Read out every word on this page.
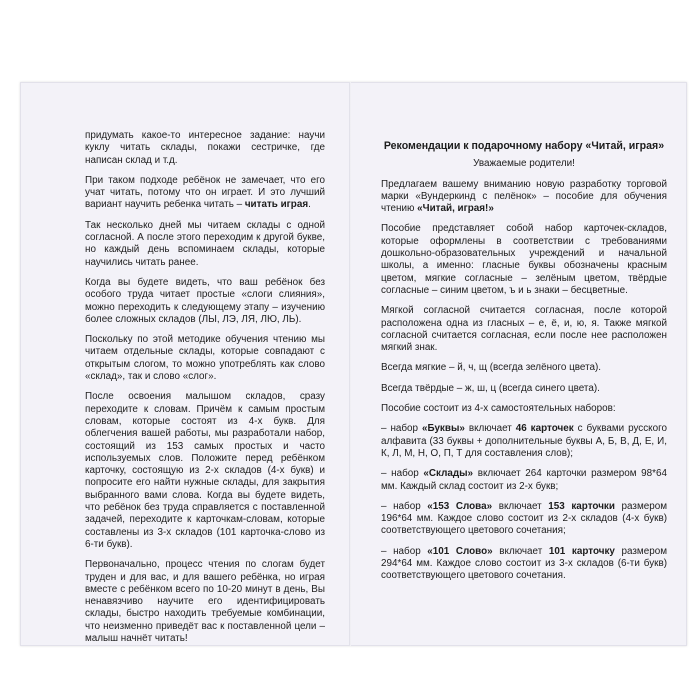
придумать какое-то интересное задание: научи куклу читать склады, покажи сестричке, где написан склад и т.д.

При таком подходе ребёнок не замечает, что его учат читать, потому что он играет. И это лучший вариант научить ребенка читать – читать играя.

Так несколько дней мы читаем склады с одной согласной. А после этого переходим к другой букве, но каждый день вспоминаем склады, которые научились читать ранее.

Когда вы будете видеть, что ваш ребёнок без особого труда читает простые «слоги слияния», можно переходить к следующему этапу – изучению более сложных складов (ЛЫ, ЛЭ, ЛЯ, ЛЮ, ЛЬ).

Поскольку по этой методике обучения чтению мы читаем отдельные склады, которые совпадают с открытым слогом, то можно употреблять как слово «склад», так и слово «слог».

После освоения малышом складов, сразу переходите к словам. Причём к самым простым словам, которые состоят из 4-х букв. Для облегчения вашей работы, мы разработали набор, состоящий из 153 самых простых и часто используемых слов. Положите перед ребёнком карточку, состоящую из 2-х складов (4-х букв) и попросите его найти нужные склады, для закрытия выбранного вами слова. Когда вы будете видеть, что ребёнок без труда справляется с поставленной задачей, переходите к карточкам-словам, которые составлены из 3-х складов (101 карточка-слово из 6-ти букв).

Первоначально, процесс чтения по слогам будет труден и для вас, и для вашего ребёнка, но играя вместе с ребёнком всего по 10-20 минут в день, Вы ненавязчиво научите его идентифицировать склады, быстро находить требуемые комбинации, что неизменно приведёт вас к поставленной цели – малыш начнёт читать!

Рекомендации к подарочному набору «Читай, играя»
Уважаемые родители!

Предлагаем вашему вниманию новую разработку торговой марки «Вундеркинд с пелёнок» – пособие для обучения чтению «Читай, играя!»

Пособие представляет собой набор карточек-складов, которые оформлены в соответствии с требованиями дошкольно-образовательных учреждений и начальной школы, а именно: гласные буквы обозначены красным цветом, мягкие согласные – зелёным цветом, твёрдые согласные – синим цветом, ъ и ь знаки – бесцветные.

Мягкой согласной считается согласная, после которой расположена одна из гласных – е, ё, и, ю, я. Также мягкой согласной считается согласная, если после нее расположен мягкий знак.

Всегда мягкие – й, ч, щ (всегда зелёного цвета).

Всегда твёрдые – ж, ш, ц (всегда синего цвета).

Пособие состоит из 4-х самостоятельных наборов:

– набор «Буквы» включает 46 карточек с буквами русского алфавита (33 буквы + дополнительные буквы А, Б, В, Д, Е, И, К, Л, М, Н, О, П, Т для составления слов);

– набор «Склады» включает 264 карточки размером 98*64 мм. Каждый склад состоит из 2-х букв;

– набор «153 Слова» включает 153 карточки размером 196*64 мм. Каждое слово состоит из 2-х складов (4-х букв) соответствующего цветового сочетания;

– набор «101 Слово» включает 101 карточку размером 294*64 мм. Каждое слово состоит из 3-х складов (6-ти букв) соответствующего цветового сочетания.
